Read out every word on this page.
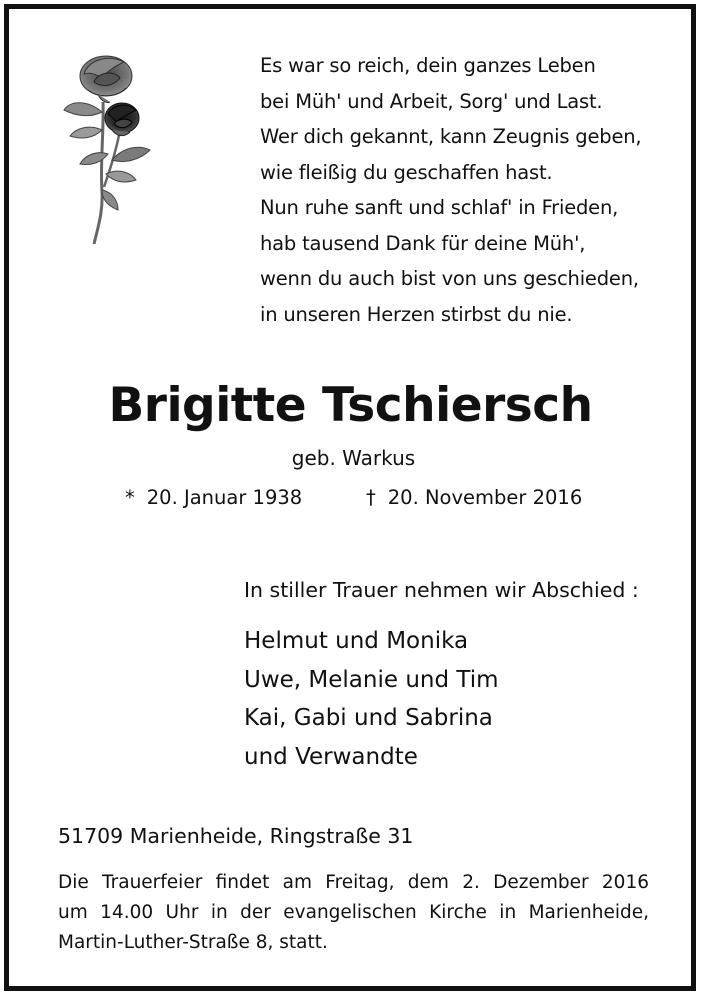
Es war so reich, dein ganzes Leben
bei Müh' und Arbeit, Sorg' und Last.
Wer dich gekannt, kann Zeugnis geben,
wie fleißig du geschaffen hast.
Nun ruhe sanft und schlaf' in Frieden,
hab tausend Dank für deine Müh',
wenn du auch bist von uns geschieden,
in unseren Herzen stirbst du nie.
Brigitte Tschiersch
geb. Warkus
* 20. Januar 1938	† 20. November 2016
In stiller Trauer nehmen wir Abschied :
Helmut und Monika
Uwe, Melanie und Tim
Kai, Gabi und Sabrina
und Verwandte
51709 Marienheide, Ringstraße 31
Die Trauerfeier findet am Freitag, dem 2. Dezember 2016
um 14.00 Uhr in der evangelischen Kirche in Marienheide,
Martin-Luther-Straße 8, statt.
